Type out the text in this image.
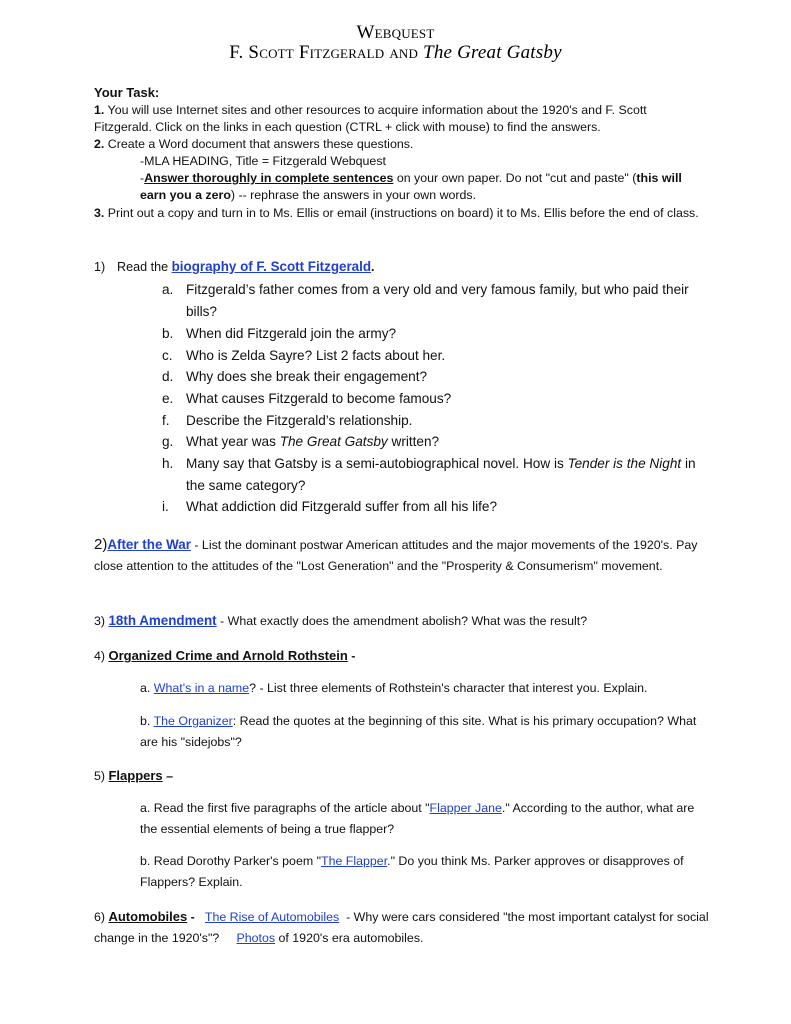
Webquest
F. Scott Fitzgerald and The Great Gatsby
Your Task:
1. You will use Internet sites and other resources to acquire information about the 1920's and F. Scott Fitzgerald. Click on the links in each question (CTRL + click with mouse) to find the answers.
2. Create a Word document that answers these questions.
-MLA HEADING, Title = Fitzgerald Webquest
-Answer thoroughly in complete sentences on your own paper. Do not "cut and paste" (this will earn you a zero) -- rephrase the answers in your own words.
3. Print out a copy and turn in to Ms. Ellis or email (instructions on board) it to Ms. Ellis before the end of class.
1) Read the biography of F. Scott Fitzgerald.
a. Fitzgerald’s father comes from a very old and very famous family, but who paid their bills?
b. When did Fitzgerald join the army?
c. Who is Zelda Sayre? List 2 facts about her.
d. Why does she break their engagement?
e. What causes Fitzgerald to become famous?
f. Describe the Fitzgerald’s relationship.
g. What year was The Great Gatsby written?
h. Many say that Gatsby is a semi-autobiographical novel. How is Tender is the Night in the same category?
i. What addiction did Fitzgerald suffer from all his life?
2)After the War - List the dominant postwar American attitudes and the major movements of the 1920's. Pay close attention to the attitudes of the "Lost Generation" and the "Prosperity & Consumerism" movement.
3) 18th Amendment - What exactly does the amendment abolish? What was the result?
4) Organized Crime and Arnold Rothstein -
a. What's in a name? - List three elements of Rothstein's character that interest you. Explain.
b. The Organizer: Read the quotes at the beginning of this site. What is his primary occupation? What are his "sidejobs"?
5) Flappers –
a. Read the first five paragraphs of the article about "Flapper Jane." According to the author, what are the essential elements of being a true flapper?
b. Read Dorothy Parker's poem "The Flapper." Do you think Ms. Parker approves or disapproves of Flappers? Explain.
6) Automobiles -   The Rise of Automobiles  - Why were cars considered "the most important catalyst for social change in the 1920's"?     Photos of 1920's era automobiles.
